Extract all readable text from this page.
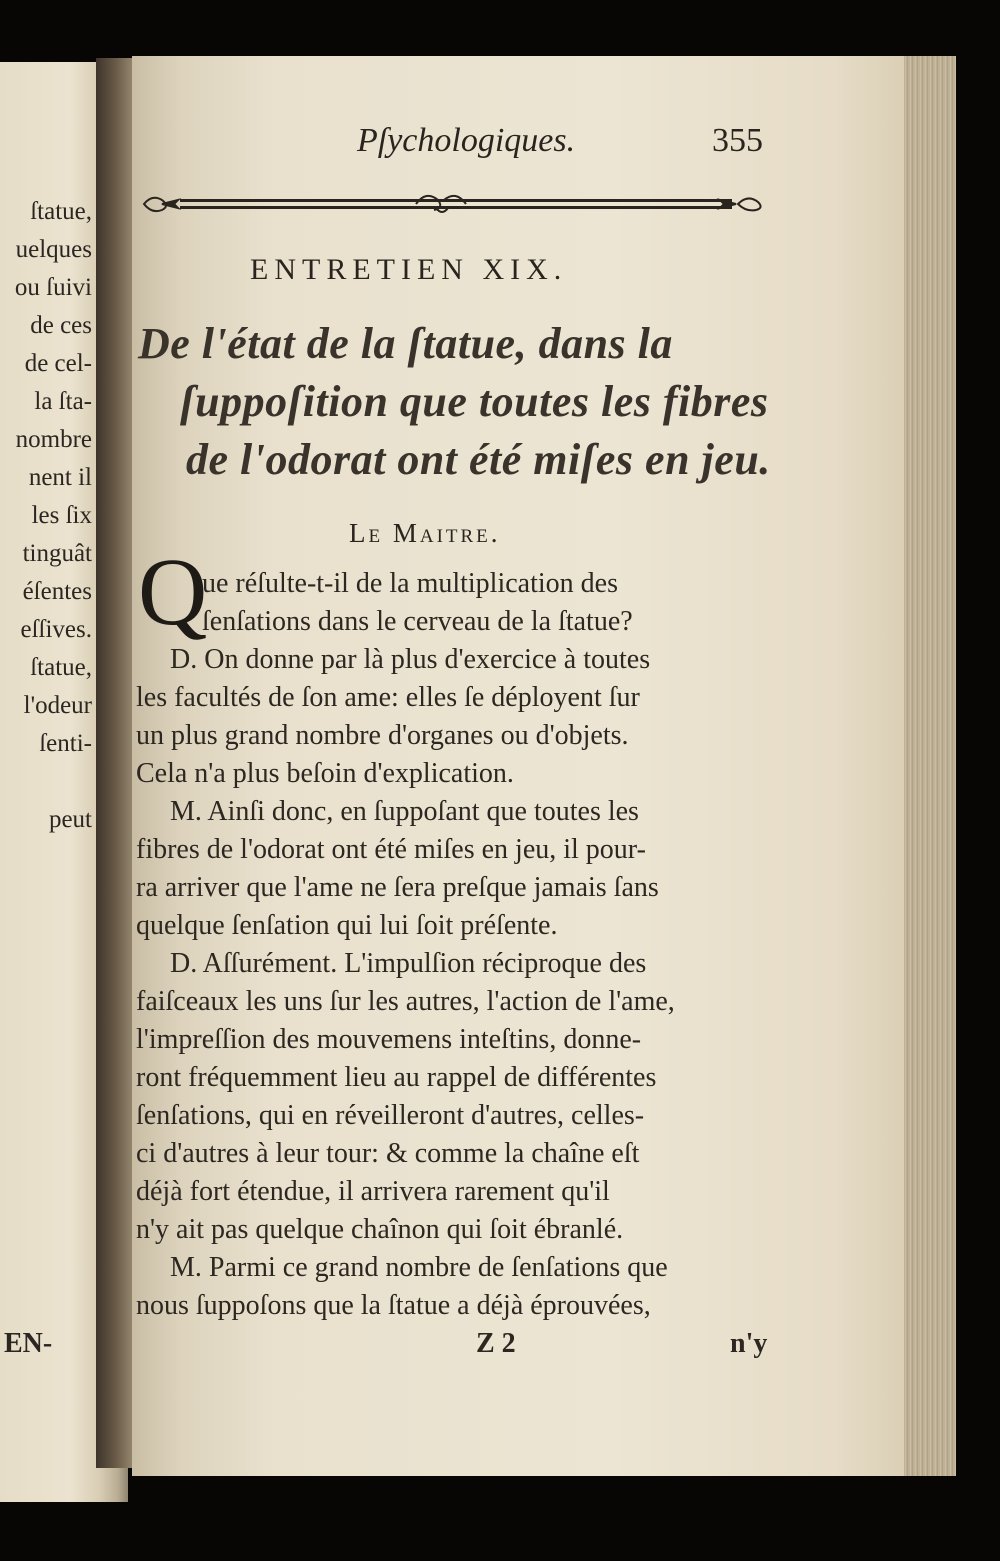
ſtatue,
uelques
ou ſuivi
de ces
de cel-
la ſta-
nombre
nent il
les ſix
tinguât
éſentes
eſſives.
ſtatue,
l'odeur
ſenti-
peut
EN-
Pſychologiques.	355
ENTRETIEN XIX.
De l'état de la ſtatue, dans la
ſuppoſition que toutes les fibres
de l'odorat ont été miſes en jeu.
Le Maitre.
Q
ue réſulte-t-il de la multiplication des
ſenſations dans le cerveau de la ſtatue?
D. On donne par là plus d'exercice à toutes
les facultés de ſon ame: elles ſe déployent ſur
un plus grand nombre d'organes ou d'objets.
Cela n'a plus beſoin d'explication.
M. Ainſi donc, en ſuppoſant que toutes les
fibres de l'odorat ont été miſes en jeu, il pour-
ra arriver que l'ame ne ſera preſque jamais ſans
quelque ſenſation qui lui ſoit préſente.
D. Aſſurément. L'impulſion réciproque des
faiſceaux les uns ſur les autres, l'action de l'ame,
l'impreſſion des mouvemens inteſtins, donne-
ront fréquemment lieu au rappel de différentes
ſenſations, qui en réveilleront d'autres, celles-
ci d'autres à leur tour: & comme la chaîne eſt
déjà fort étendue, il arrivera rarement qu'il
n'y ait pas quelque chaînon qui ſoit ébranlé.
M. Parmi ce grand nombre de ſenſations que
nous ſuppoſons que la ſtatue a déjà éprouvées,
Z 2	n'y
